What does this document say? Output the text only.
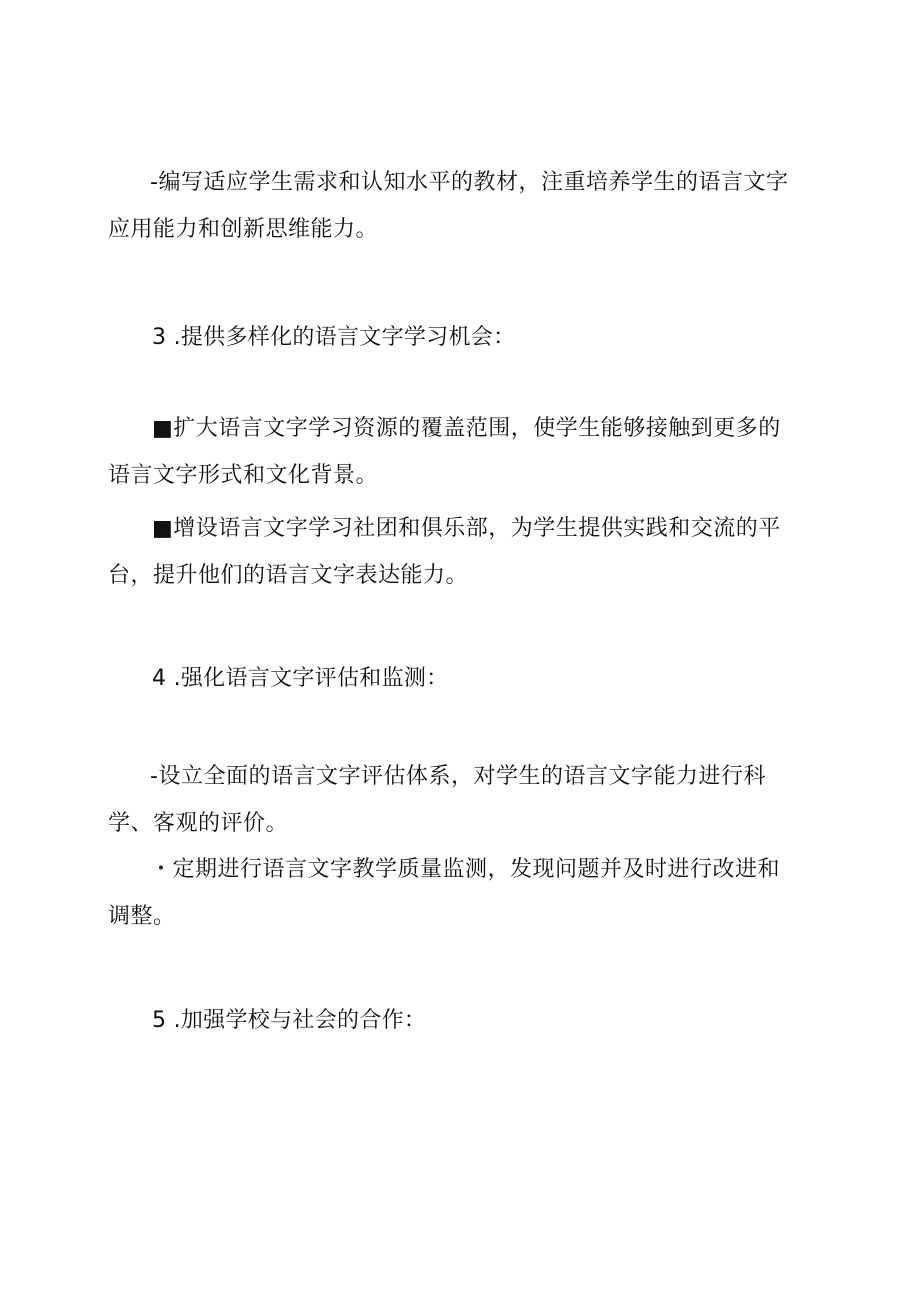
-编写适应学生需求和认知水平的教材，注重培养学生的语言文字
应用能力和创新思维能力。
3 .提供多样化的语言文字学习机会：
■扩大语言文字学习资源的覆盖范围，使学生能够接触到更多的
语言文字形式和文化背景。
■增设语言文字学习社团和俱乐部，为学生提供实践和交流的平
台，提升他们的语言文字表达能力。
4 .强化语言文字评估和监测：
-设立全面的语言文字评估体系，对学生的语言文字能力进行科
学、客观的评价。
・定期进行语言文字教学质量监测，发现问题并及时进行改进和
调整。
5 .加强学校与社会的合作：
